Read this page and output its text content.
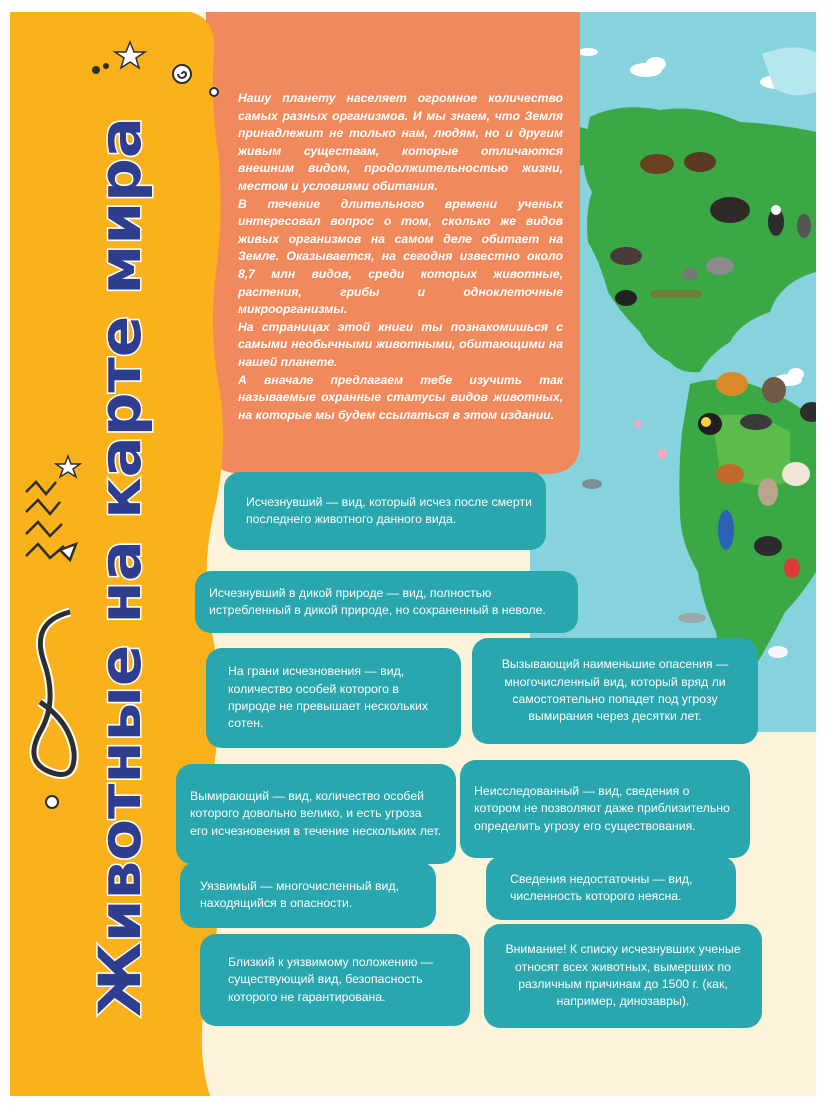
Животные на карте мира

Нашу планету населяет огромное количество самых разных организмов. И мы знаем, что Земля принадлежит не только нам, людям, но и другим живым существам, которые отличаются внешним видом, продолжительностью жизни, местом и условиями обитания.

В течение длительного времени ученых интересовал вопрос о том, сколько же видов живых организмов на самом деле обитает на Земле. Оказывается, на сегодня известно около 8,7 млн видов, среди которых животные, растения, грибы и одноклеточные микроорганизмы.

На страницах этой книги ты познакомишься с самыми необычными животными, обитающими на нашей планете.

А вначале предлагаем тебе изучить так называемые охранные статусы видов животных, на которые мы будем ссылаться в этом издании.

Исчезнувший — вид, который исчез после смерти последнего животного данного вида.
Исчезнувший в дикой природе — вид, полностью истребленный в дикой природе, но сохраненный в неволе.
На грани исчезновения — вид, количество особей которого в природе не превышает нескольких сотен.
Вызывающий наименьшие опасения — многочисленный вид, который вряд ли самостоятельно попадет под угрозу вымирания через десятки лет.
Вымирающий — вид, количество особей которого довольно велико, и есть угроза его исчезновения в течение нескольких лет.
Неисследованный — вид, сведения о котором не позволяют даже приблизительно определить угрозу его существования.
Уязвимый — многочисленный вид, находящийся в опасности.
Сведения недостаточны — вид, численность которого неясна.
Близкий к уязвимому положению — существующий вид, безопасность которого не гарантирована.
Внимание! К списку исчезнувших ученые относят всех животных, вымерших по различным причинам до 1500 г. (как, например, динозавры).
